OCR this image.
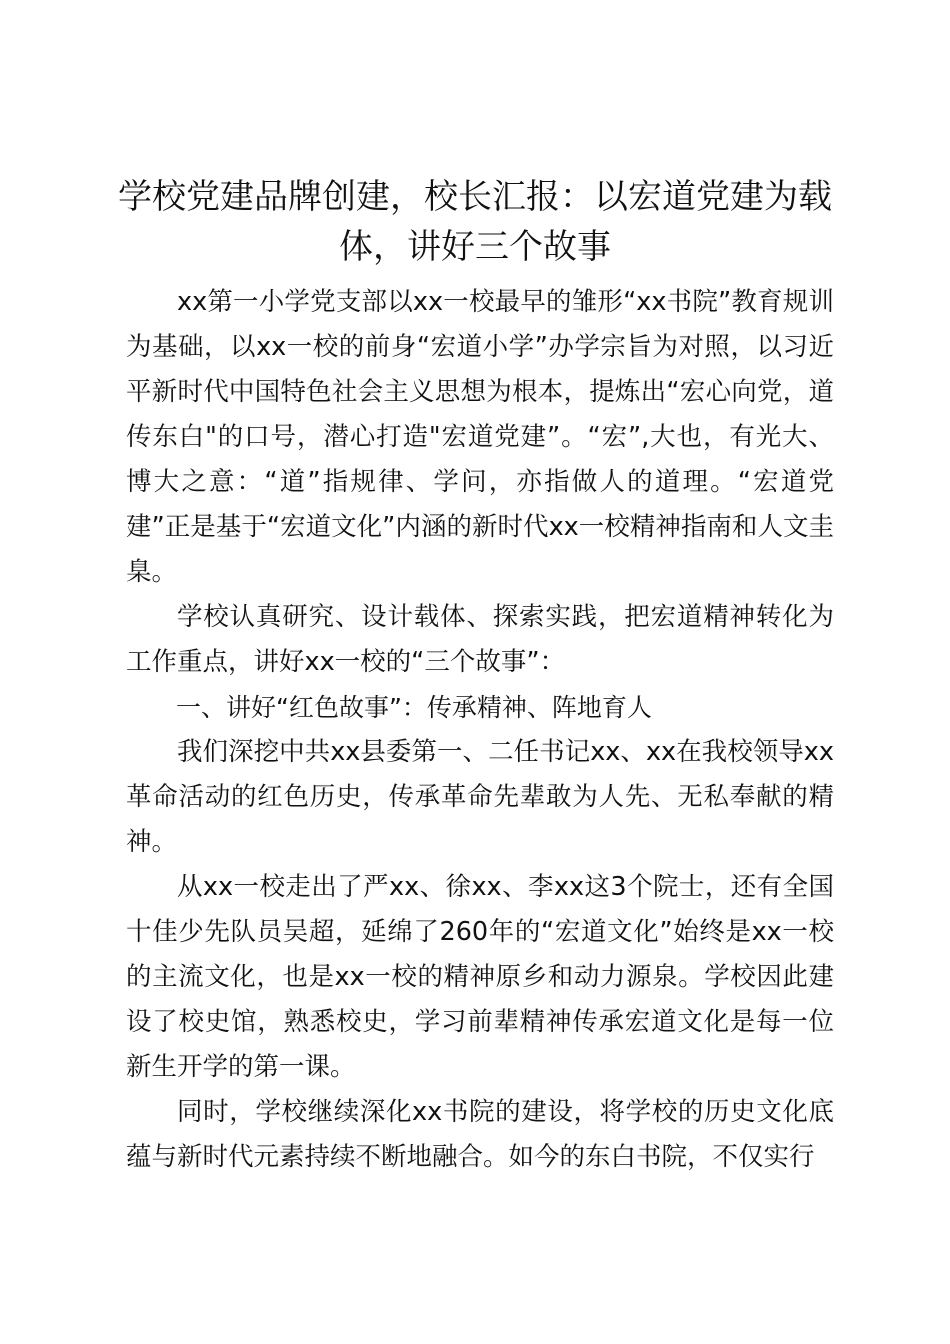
学校党建品牌创建，校长汇报：以宏道党建为载体，讲好三个故事

xx第一小学党支部以xx一校最早的雏形“xx书院”教育规训为基础，以xx一校的前身“宏道小学”办学宗旨为对照，以习近平新时代中国特色社会主义思想为根本，提炼出“宏心向党，道传东白"的口号，潜心打造"宏道党建”。“宏”,大也，有光大、博大之意：“道”指规律、学问，亦指做人的道理。“宏道党建”正是基于“宏道文化”内涵的新时代xx一校精神指南和人文圭臬。

学校认真研究、设计载体、探索实践，把宏道精神转化为工作重点，讲好xx一校的“三个故事”：

一、讲好“红色故事”：传承精神、阵地育人

我们深挖中共xx县委第一、二任书记xx、xx在我校领导xx革命活动的红色历史，传承革命先辈敢为人先、无私奉献的精神。

从xx一校走出了严xx、徐xx、李xx这3个院士，还有全国十佳少先队员吴超，延绵了260年的“宏道文化”始终是xx一校的主流文化，也是xx一校的精神原乡和动力源泉。学校因此建设了校史馆，熟悉校史，学习前辈精神传承宏道文化是每一位新生开学的第一课。

同时，学校继续深化xx书院的建设，将学校的历史文化底蕴与新时代元素持续不断地融合。如今的东白书院，不仅实行
